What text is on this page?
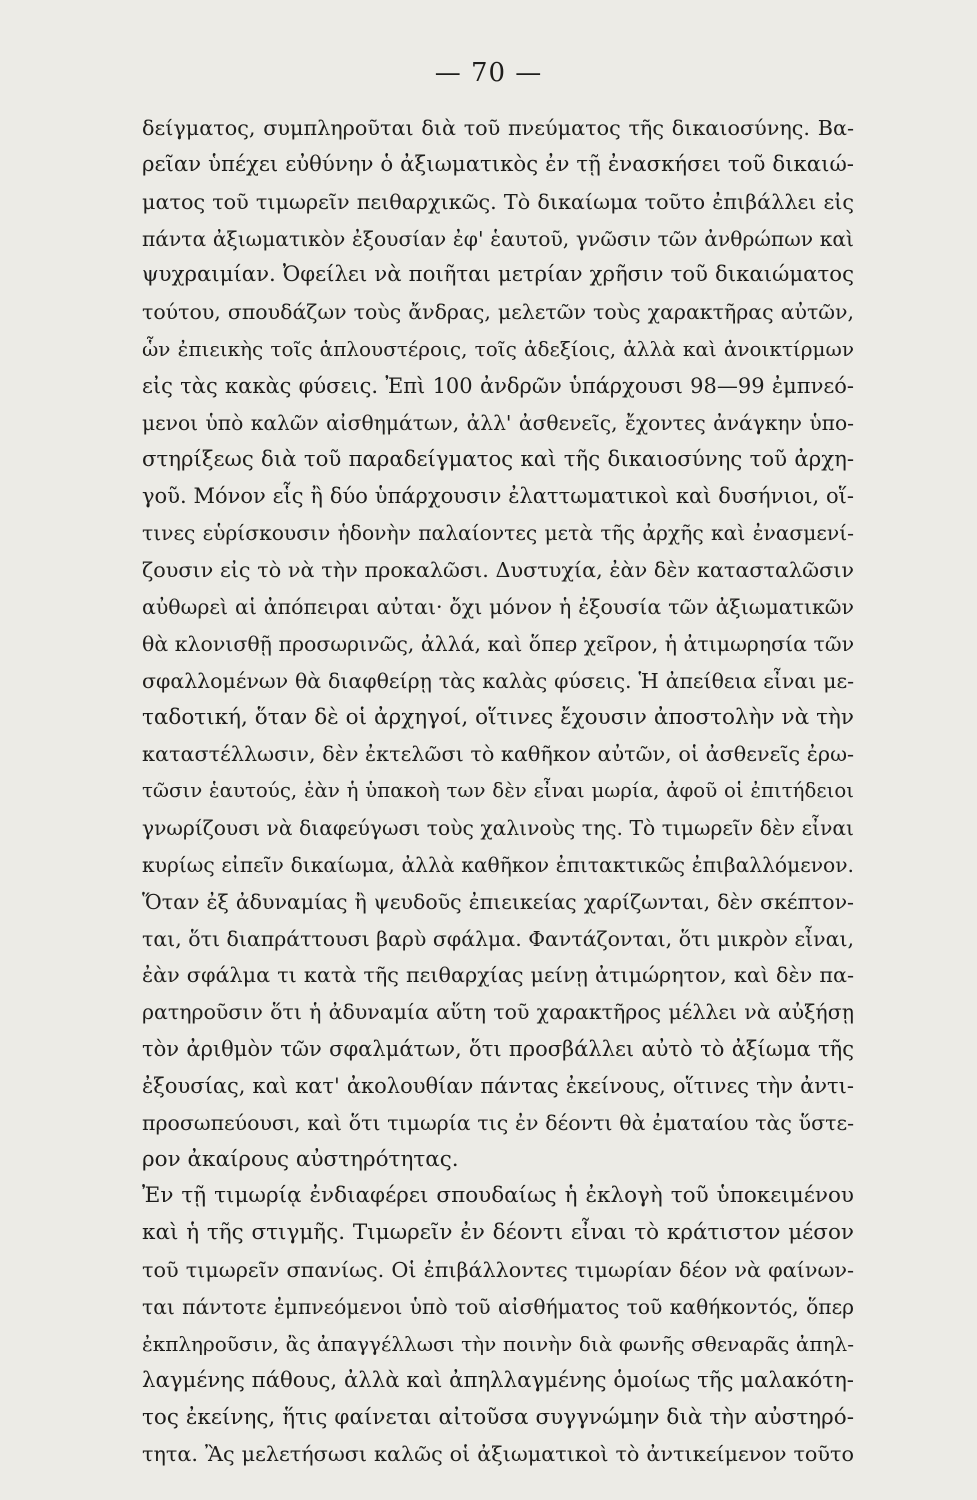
— 70 —
δείγματος, συμπληροῦται διὰ τοῦ πνεύματος τῆς δικαιοσύνης. Βα-
ρεῖαν ὑπέχει εὐθύνην ὁ ἀξιωματικὸς ἐν τῇ ἐνασκήσει τοῦ δικαιώ-
ματος τοῦ τιμωρεῖν πειθαρχικῶς. Τὸ δικαίωμα τοῦτο ἐπιβάλλει εἰς
πάντα ἀξιωματικὸν ἐξουσίαν ἐφ' ἑαυτοῦ, γνῶσιν τῶν ἀνθρώπων καὶ
ψυχραιμίαν. Ὀφείλει νὰ ποιῆται μετρίαν χρῆσιν τοῦ δικαιώματος
τούτου, σπουδάζων τοὺς ἄνδρας, μελετῶν τοὺς χαρακτῆρας αὐτῶν,
ὧν ἐπιεικὴς τοῖς ἁπλουστέροις, τοῖς ἀδεξίοις, ἀλλὰ καὶ ἀνοικτίρμων
εἰς τὰς κακὰς φύσεις. Ἐπὶ 100 ἀνδρῶν ὑπάρχουσι 98—99 ἐμπνεό-
μενοι ὑπὸ καλῶν αἰσθημάτων, ἀλλ' ἀσθενεῖς, ἔχοντες ἀνάγκην ὑπο-
στηρίξεως διὰ τοῦ παραδείγματος καὶ τῆς δικαιοσύνης τοῦ ἀρχη-
γοῦ. Μόνον εἷς ἢ δύο ὑπάρχουσιν ἐλαττωματικοὶ καὶ δυσήνιοι, οἵ-
τινες εὑρίσκουσιν ἡδονὴν παλαίοντες μετὰ τῆς ἀρχῆς καὶ ἐνασμενί-
ζουσιν εἰς τὸ νὰ τὴν προκαλῶσι. Δυστυχία, ἐὰν δὲν κατασταλῶσιν
αὐθωρεὶ αἱ ἀπόπειραι αὐται· ὄχι μόνον ἡ ἐξουσία τῶν ἀξιωματικῶν
θὰ κλονισθῇ προσωρινῶς, ἀλλά, καὶ ὅπερ χεῖρον, ἡ ἀτιμωρησία τῶν
σφαλλομένων θὰ διαφθείρῃ τὰς καλὰς φύσεις. Ἡ ἀπείθεια εἶναι με-
ταδοτική, ὅταν δὲ οἱ ἀρχηγοί, οἵτινες ἔχουσιν ἀποστολὴν νὰ τὴν
καταστέλλωσιν, δὲν ἐκτελῶσι τὸ καθῆκον αὐτῶν, οἱ ἀσθενεῖς ἐρω-
τῶσιν ἑαυτούς, ἐὰν ἡ ὑπακοὴ των δὲν εἶναι μωρία, ἀφοῦ οἱ ἐπιτήδειοι
γνωρίζουσι νὰ διαφεύγωσι τοὺς χαλινοὺς της. Τὸ τιμωρεῖν δὲν εἶναι
κυρίως εἰπεῖν δικαίωμα, ἀλλὰ καθῆκον ἐπιτακτικῶς ἐπιβαλλόμενον.
Ὅταν ἐξ ἀδυναμίας ἢ ψευδοῦς ἐπιεικείας χαρίζωνται, δὲν σκέπτον-
ται, ὅτι διαπράττουσι βαρὺ σφάλμα. Φαντάζονται, ὅτι μικρὸν εἶναι,
ἐὰν σφάλμα τι κατὰ τῆς πειθαρχίας μείνῃ ἀτιμώρητον, καὶ δὲν πα-
ρατηροῦσιν ὅτι ἡ ἀδυναμία αὕτη τοῦ χαρακτῆρος μέλλει νὰ αὐξήσῃ
τὸν ἀριθμὸν τῶν σφαλμάτων, ὅτι προσβάλλει αὐτὸ τὸ ἀξίωμα τῆς
ἐξουσίας, καὶ κατ' ἀκολουθίαν πάντας ἐκείνους, οἵτινες τὴν ἀντι-
προσωπεύουσι, καὶ ὅτι τιμωρία τις ἐν δέοντι θὰ ἐματαίου τὰς ὕστε-
ρον ἀκαίρους αὐστηρότητας.
Ἐν τῇ τιμωρίᾳ ἐνδιαφέρει σπουδαίως ἡ ἐκλογὴ τοῦ ὑποκειμένου
καὶ ἡ τῆς στιγμῆς. Τιμωρεῖν ἐν δέοντι εἶναι τὸ κράτιστον μέσον
τοῦ τιμωρεῖν σπανίως. Οἱ ἐπιβάλλοντες τιμωρίαν δέον νὰ φαίνων-
ται πάντοτε ἐμπνεόμενοι ὑπὸ τοῦ αἰσθήματος τοῦ καθήκοντός, ὅπερ
ἐκπληροῦσιν, ἂς ἀπαγγέλλωσι τὴν ποινὴν διὰ φωνῆς σθεναρᾶς ἀπηλ-
λαγμένης πάθους, ἀλλὰ καὶ ἀπηλλαγμένης ὁμοίως τῆς μαλακότη-
τος ἐκείνης, ἥτις φαίνεται αἰτοῦσα συγγνώμην διὰ τὴν αὐστηρό-
τητα. Ἂς μελετήσωσι καλῶς οἱ ἀξιωματικοὶ τὸ ἀντικείμενον τοῦτο
